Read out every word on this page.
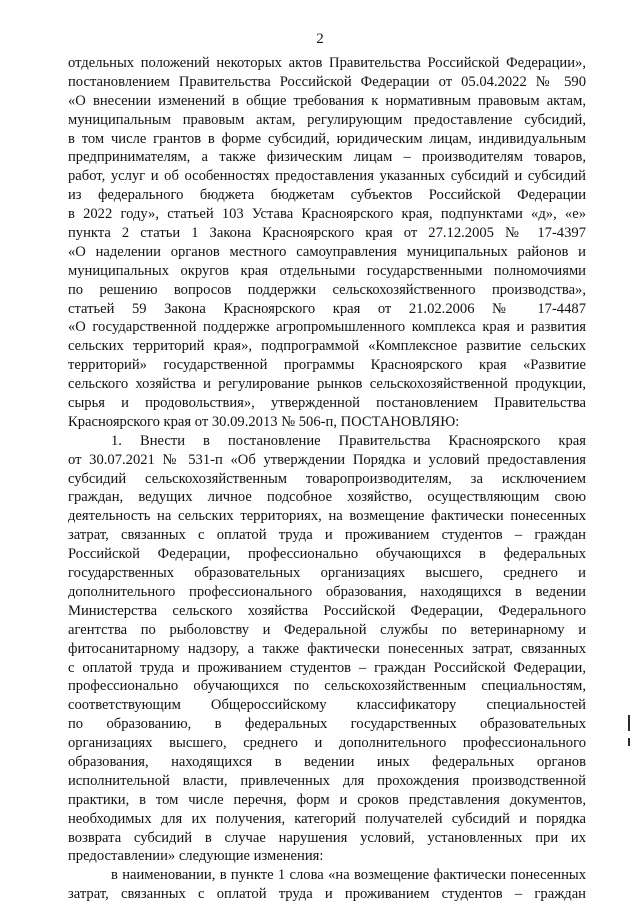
2
отдельных положений некоторых актов Правительства Российской Федерации»,
постановлением Правительства Российской Федерации от 05.04.2022 № 590
«О внесении изменений в общие требования к нормативным правовым актам,
муниципальным правовым актам, регулирующим предоставление субсидий,
в том числе грантов в форме субсидий, юридическим лицам, индивидуальным
предпринимателям, а также физическим лицам – производителям товаров,
работ, услуг и об особенностях предоставления указанных субсидий и субсидий
из федерального бюджета бюджетам субъектов Российской Федерации
в 2022 году», статьей 103 Устава Красноярского края, подпунктами «д», «е»
пункта 2 статьи 1 Закона Красноярского края от 27.12.2005 № 17-4397
«О наделении органов местного самоуправления муниципальных районов и
муниципальных округов края отдельными государственными полномочиями
по решению вопросов поддержки сельскохозяйственного производства»,
статьей 59 Закона Красноярского края от 21.02.2006 № 17-4487
«О государственной поддержке агропромышленного комплекса края и развития
сельских территорий края», подпрограммой «Комплексное развитие сельских
территорий» государственной программы Красноярского края «Развитие
сельского хозяйства и регулирование рынков сельскохозяйственной продукции,
сырья и продовольствия», утвержденной постановлением Правительства
Красноярского края от 30.09.2013 № 506-п, ПОСТАНОВЛЯЮ:
1. Внести в постановление Правительства Красноярского края
от 30.07.2021 № 531-п «Об утверждении Порядка и условий предоставления
субсидий сельскохозяйственным товаропроизводителям, за исключением
граждан, ведущих личное подсобное хозяйство, осуществляющим свою
деятельность на сельских территориях, на возмещение фактически понесенных
затрат, связанных с оплатой труда и проживанием студентов – граждан
Российской Федерации, профессионально обучающихся в федеральных
государственных образовательных организациях высшего, среднего и
дополнительного профессионального образования, находящихся в ведении
Министерства сельского хозяйства Российской Федерации, Федерального
агентства по рыболовству и Федеральной службы по ветеринарному и
фитосанитарному надзору, а также фактически понесенных затрат, связанных
с оплатой труда и проживанием студентов – граждан Российской Федерации,
профессионально обучающихся по сельскохозяйственным специальностям,
соответствующим Общероссийскому классификатору специальностей
по образованию, в федеральных государственных образовательных
организациях высшего, среднего и дополнительного профессионального
образования, находящихся в ведении иных федеральных органов
исполнительной власти, привлеченных для прохождения производственной
практики, в том числе перечня, форм и сроков представления документов,
необходимых для их получения, категорий получателей субсидий и порядка
возврата субсидий в случае нарушения условий, установленных при их
предоставлении» следующие изменения:
в наименовании, в пункте 1 слова «на возмещение фактически понесенных
затрат, связанных с оплатой труда и проживанием студентов – граждан
